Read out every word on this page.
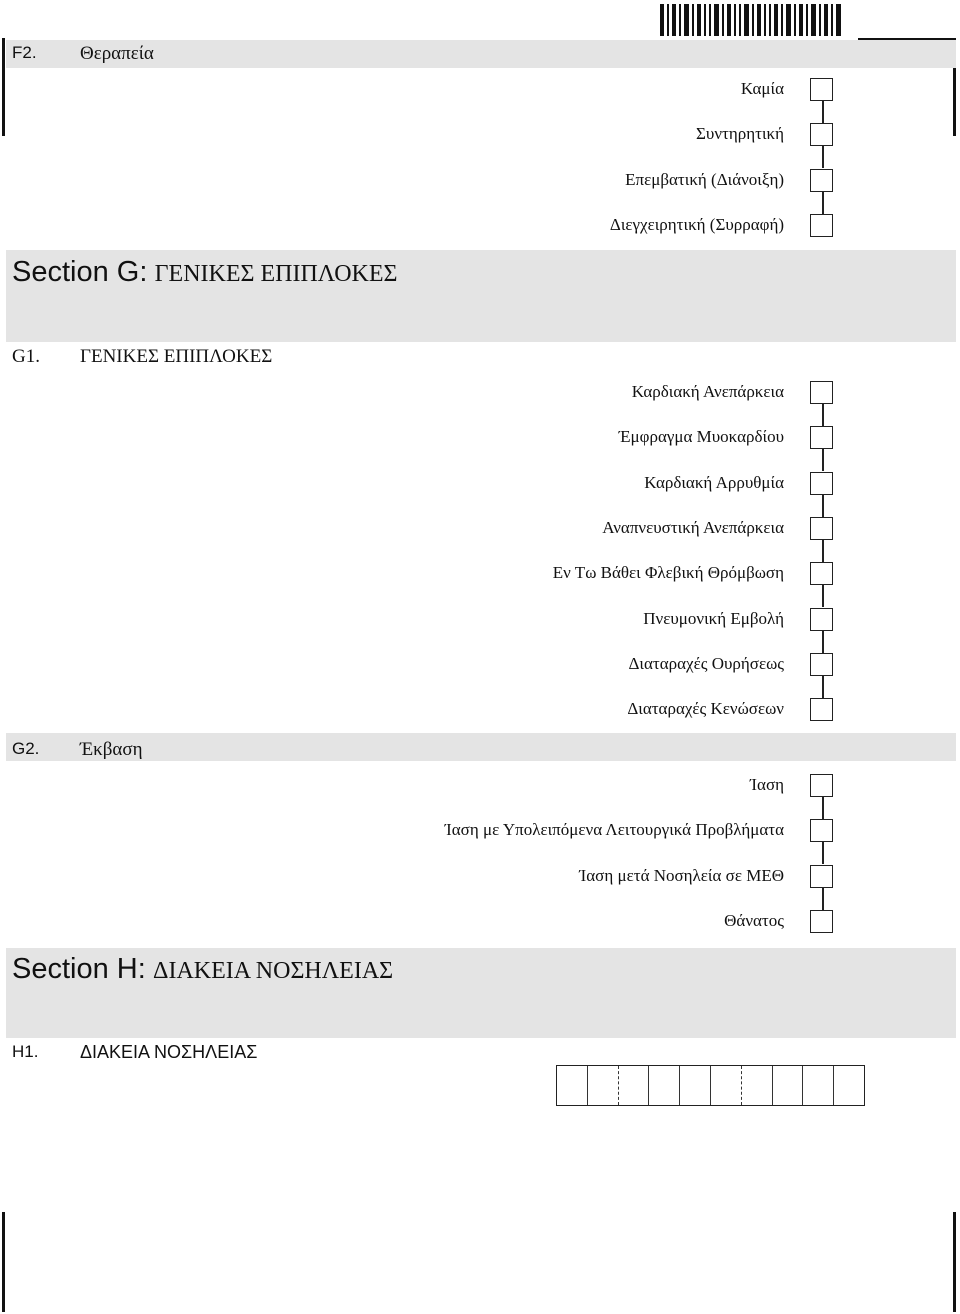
F2. Θεραπεία
Section G: ΓΕΝΙΚΕΣ ΕΠΙΠΛΟΚΕΣ
G1. ΓΕΝΙΚΕΣ ΕΠΙΠΛΟΚΕΣ
G2. Έκβαση
Section H: ΔΙΑΚΕΙΑ ΝΟΣΗΛΕΙΑΣ
H1. ΔΙΑΚΕΙΑ ΝΟΣΗΛΕΙΑΣ
Καμία
Συντηρητική
Επεμβατική (Διάνοιξη)
Διεγχειρητική (Συρραφή)
Καρδιακή Ανεπάρκεια
Έμφραγμα Μυοκαρδίου
Καρδιακή Αρρυθμία
Αναπνευστική Ανεπάρκεια
Εν Τω Βάθει Φλεβική Θρόμβωση
Πνευμονική Εμβολή
Διαταραχές Ουρήσεως
Διαταραχές Κενώσεων
Ίαση
Ίαση με Υπολειπόμενα Λειτουργικά Προβλήματα
Ίαση μετά Νοσηλεία σε ΜΕΘ
Θάνατος
